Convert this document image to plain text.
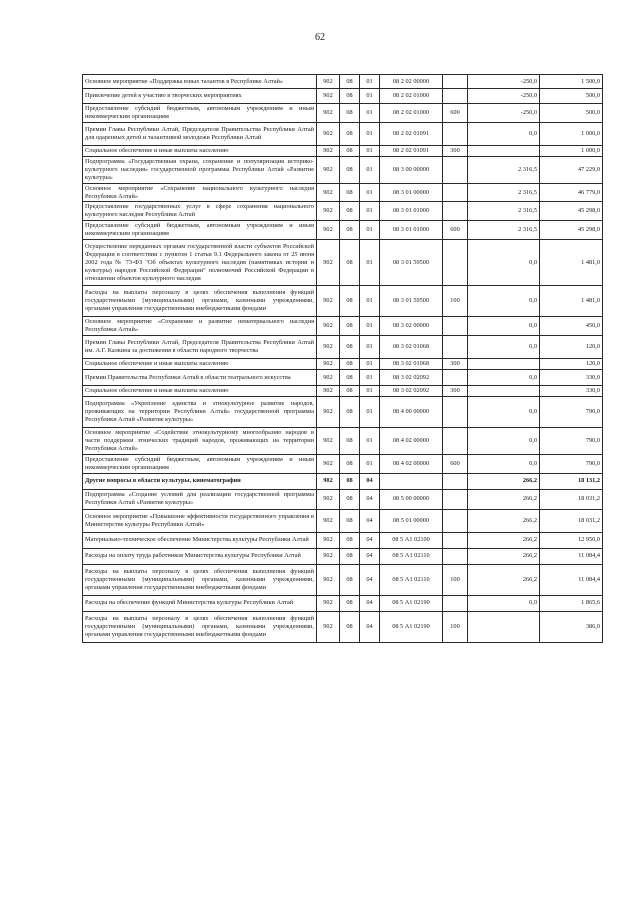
62
Основное мероприятие «Поддержка юных талантов в Республике Алтай»	902	08	01	08 2 02 00000		-250,0	1 500,0
Привлечение детей к участию в творческих мероприятиях	902	08	01	08 2 02 01000		-250,0	500,0
Предоставление субсидий бюджетным, автономным учреждениям и иным некоммерческим организациям	902	08	01	08 2 02 01000	600	-250,0	500,0
Премии Главы Республики Алтай, Председателя Правительства Республики Алтай для одаренных детей и талантливой молодежи Республики Алтай	902	08	01	08 2 02 01091		0,0	1 000,0
Социальное обеспечение и иные выплаты населению	902	08	01	08 2 02 01091	300		1 000,0
Подпрограмма «Государственная охрана, сохранение и популяризация историко-культурного наследия» государственной программы Республики Алтай «Развитие культуры»	902	08	01	08 3 00 00000		2 316,5	47 229,0
Основное мероприятие «Сохранение национального культурного наследия Республики Алтай»	902	08	01	08 3 01 00000		2 316,5	46 779,0
Предоставление государственных услуг в сфере сохранения национального культурного наследия Республики Алтай	902	08	01	08 3 01 01000		2 316,5	45 298,0
Предоставление субсидий бюджетным, автономным учреждениям и иным некоммерческим организациям	902	08	01	08 3 01 01000	600	2 316,5	45 298,0
Осуществление переданных органам государственной власти субъектов Российской Федерации в соответствии с пунктом 1 статьи 9.1 Федерального закона от 25 июня 2002 года № 73-ФЗ "Об объектах культурного наследия (памятниках истории и культуры) народов Российской Федерации" полномочий Российской Федерации в отношении объектов культурного наследия	902	08	01	08 3 01 59500		0,0	1 481,0
Расходы на выплаты персоналу в целях обеспечения выполнения функций государственными (муниципальными) органами, казенными учреждениями, органами управления государственными внебюджетными фондами	902	08	01	08 3 01 59500	100	0,0	1 481,0
Основное мероприятие «Сохранение и развитие нематериального наследия Республики Алтай»	902	08	01	08 3 02 00000		0,0	450,0
Премии Главы Республики Алтай, Председателя Правительства Республики Алтай им. А.Г. Калкина за достижения в области народного творчества	902	08	01	08 3 02 01068		0,0	120,0
Социальное обеспечение и иные выплаты населению	902	08	01	08 3 02 01068	300		120,0
Премии Правительства Республики Алтай в области театрального искусства	902	08	01	08 3 02 02092		0,0	330,0
Социальное обеспечение и иные выплаты населению	902	08	01	08 3 02 02092	300		330,0
Подпрограмма «Укрепление единства и этнокультурное развитие народов, проживающих на территории Республики Алтай» государственной программы Республики Алтай «Развитие культуры»	902	08	01	08 4 00 00000		0,0	790,0
Основное мероприятие «Содействие этнокультурному многообразию народов в части поддержки этнических традиций народов, проживающих на территории Республики Алтай»	902	08	01	08 4 02 00000		0,0	790,0
Предоставление субсидий бюджетным, автономным учреждениям и иным некоммерческим организациям	902	08	01	08 4 02 00000	600	0,0	790,0
Другие вопросы в области культуры, кинематографии	902	08	04			266,2	18 131,2
Подпрограмма «Создание условий для реализации государственной программы Республики Алтай «Развитие культуры»	902	08	04	08 5 00 00000		266,2	18 031,2
Основное мероприятие «Повышение эффективности государственного управления в Министерстве культуры Республики Алтай»	902	08	04	08 5 01 00000		266,2	18 031,2
Материально-техническое обеспечение Министерства культуры Республики Алтай	902	08	04	08 5 А1 02100		266,2	12 950,0
Расходы на оплату труда работников Министерства культуры Республики Алтай	902	08	04	08 5 А1 02110		266,2	11 084,4
Расходы на выплаты персоналу в целях обеспечения выполнения функций государственными (муниципальными) органами, казенными учреждениями, органами управления государственными внебюджетными фондами	902	08	04	08 5 А1 02110	100	266,2	11 084,4
Расходы на обеспечение функций Министерства культуры Республики Алтай	902	08	04	08 5 А1 02190		0,0	1 865,6
Расходы на выплаты персоналу в целях обеспечения выполнения функций государственными (муниципальными) органами, казенными учреждениями, органами управления государственными внебюджетными фондами	902	08	04	08 5 А1 02190	100		386,0
